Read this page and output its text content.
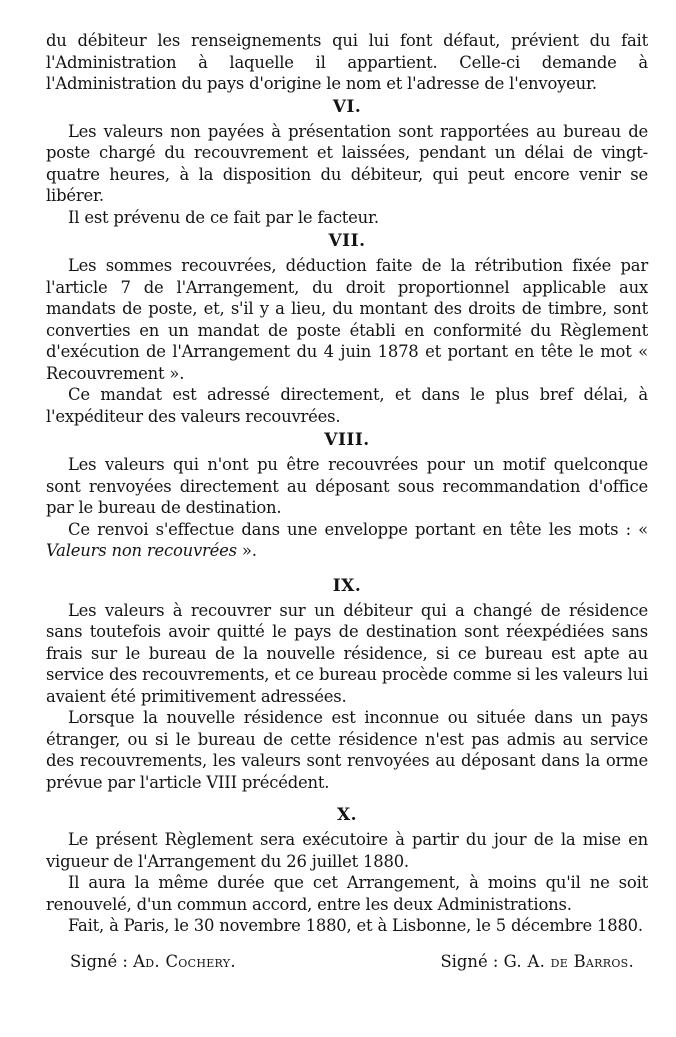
du débiteur les renseignements qui lui font défaut, prévient du fait l'Administration à laquelle il appartient. Celle-ci demande à l'Administration du pays d'origine le nom et l'adresse de l'envoyeur.

VI.

Les valeurs non payées à présentation sont rapportées au bureau de poste chargé du recouvrement et laissées, pendant un délai de vingt-quatre heures, à la disposition du débiteur, qui peut encore venir se libérer.

Il est prévenu de ce fait par le facteur.

VII.

Les sommes recouvrées, déduction faite de la rétribution fixée par l'article 7 de l'Arrangement, du droit proportionnel applicable aux mandats de poste, et, s'il y a lieu, du montant des droits de timbre, sont converties en un mandat de poste établi en conformité du Règlement d'exécution de l'Arrangement du 4 juin 1878 et portant en tête le mot « Recouvrement ».

Ce mandat est adressé directement, et dans le plus bref délai, à l'expéditeur des valeurs recouvrées.

VIII.

Les valeurs qui n'ont pu être recouvrées pour un motif quelconque sont renvoyées directement au déposant sous recommandation d'office par le bureau de destination.

Ce renvoi s'effectue dans une enveloppe portant en tête les mots : « Valeurs non recouvrées ».

IX.

Les valeurs à recouvrer sur un débiteur qui a changé de résidence sans toutefois avoir quitté le pays de destination sont réexpédiées sans frais sur le bureau de la nouvelle résidence, si ce bureau est apte au service des recouvrements, et ce bureau procède comme si les valeurs lui avaient été primitivement adressées.

Lorsque la nouvelle résidence est inconnue ou située dans un pays étranger, ou si le bureau de cette résidence n'est pas admis au service des recouvrements, les valeurs sont renvoyées au déposant dans la orme prévue par l'article VIII précédent.

X.

Le présent Règlement sera exécutoire à partir du jour de la mise en vigueur de l'Arrangement du 26 juillet 1880.

Il aura la même durée que cet Arrangement, à moins qu'il ne soit renouvelé, d'un commun accord, entre les deux Administrations.

Fait, à Paris, le 30 novembre 1880, et à Lisbonne, le 5 décembre 1880.

Signé : Ad. Cochery.	Signé : G. A. de Barros.
